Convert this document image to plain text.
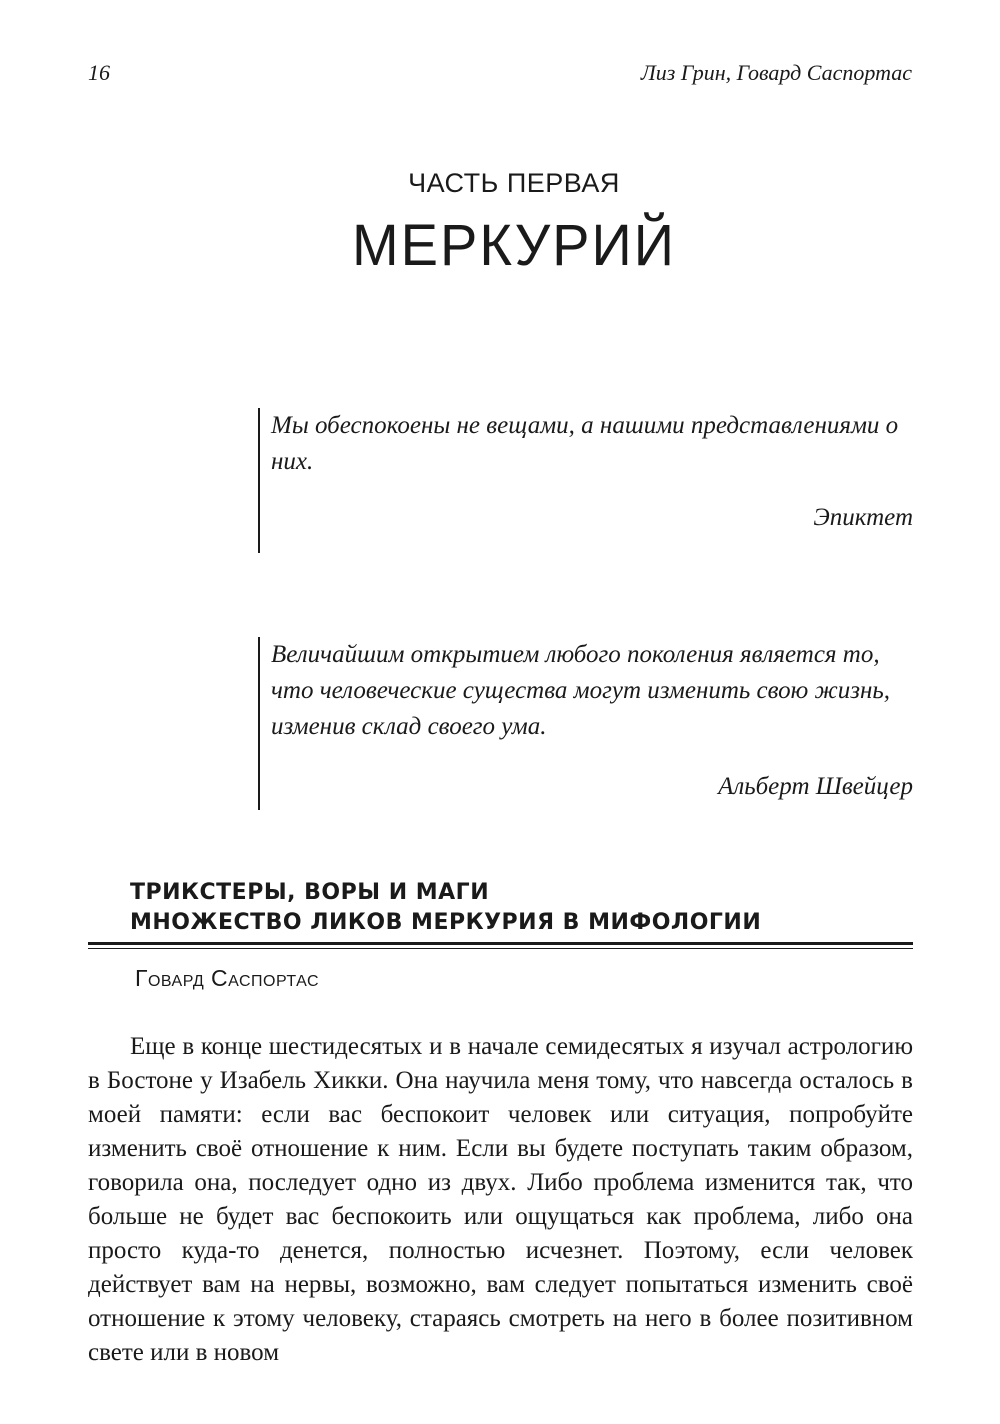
16	Лиз Грин, Говард Саспортас
ЧАСТЬ ПЕРВАЯ
МЕРКУРИЙ

Мы обеспокоены не вещами, а нашими представлениями о них.

Эпиктет

Величайшим открытием любого поколения является то, что человеческие существа могут изменить свою жизнь, изменив склад своего ума.

Альберт Швейцер
ТРИКСТЕРЫ, ВОРЫ И МАГИ
МНОЖЕСТВО ЛИКОВ МЕРКУРИЯ В МИФОЛОГИИ
Говард Саспортас

Еще в конце шестидесятых и в начале семидесятых я изучал астрологию в Бостоне у Изабель Хикки. Она научила меня тому, что навсегда осталось в моей памяти: если вас беспокоит человек или ситуация, попробуйте изменить своё отношение к ним. Если вы будете поступать таким образом, говорила она, последует одно из двух. Либо проблема изменится так, что больше не будет вас беспокоить или ощущаться как проблема, либо она просто куда-то денется, полностью исчезнет. Поэтому, если человек действует вам на нервы, возможно, вам следует попытаться изменить своё отношение к этому человеку, стараясь смотреть на него в более позитивном свете или в новом
